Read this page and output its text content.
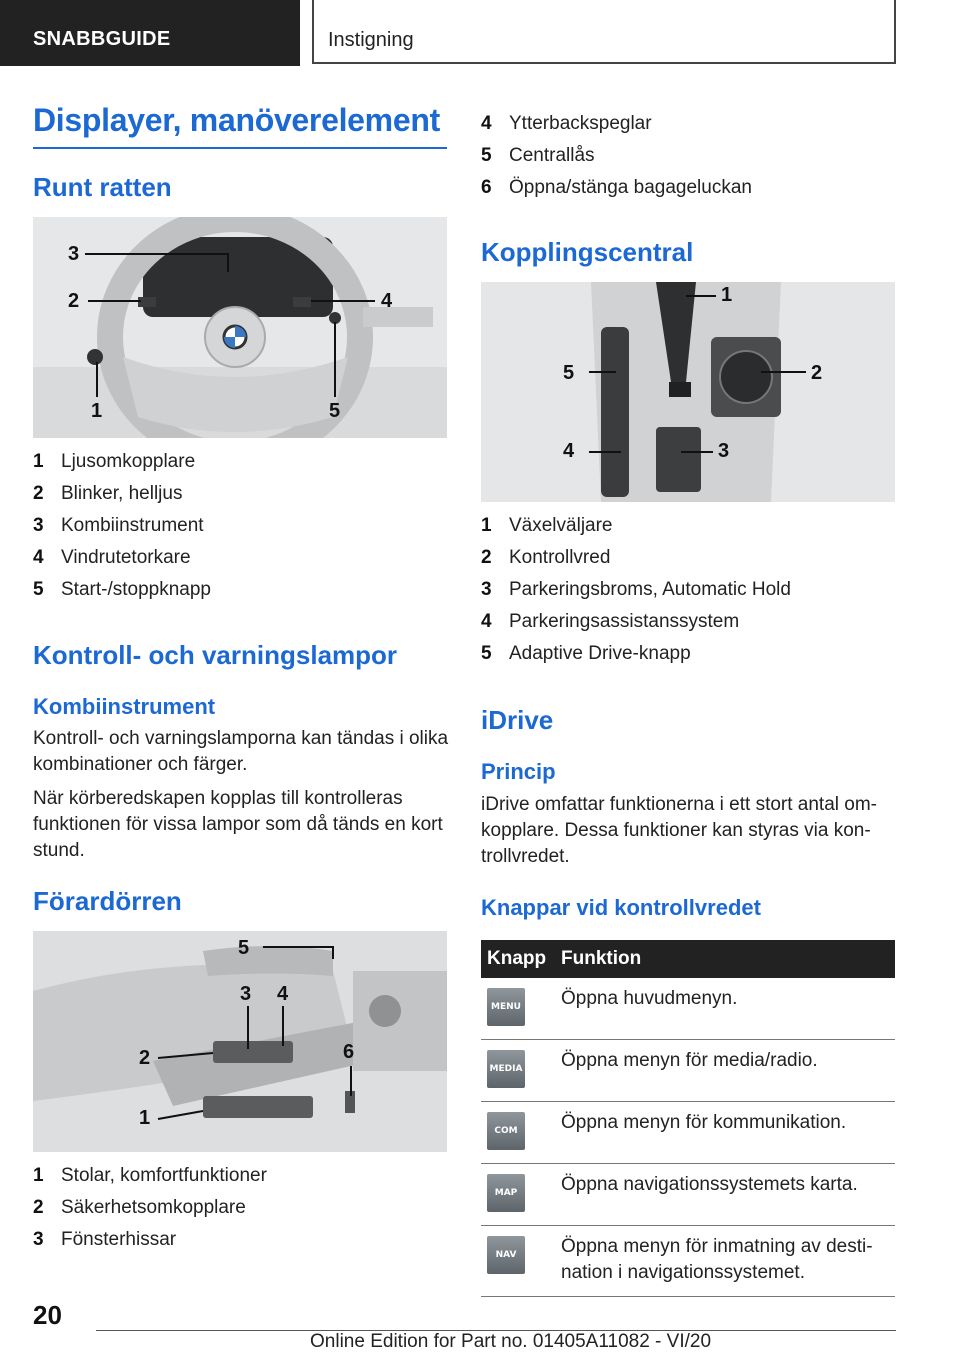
SNABBGUIDE	Instigning
Displayer, manöverelement
Runt ratten
3
2	4
1	5
1 Ljusomkopplare
2 Blinker, helljus
3 Kombiinstrument
4 Vindrutetorkare
5 Start-/stoppknapp
Kontroll- och varningslampor
Kombiinstrument

Kontroll- och varningslamporna kan tändas i olika kombinationer och färger.

När körberedskapen kopplas till kontrolleras funktionen för vissa lampor som då tänds en kort stund.

Förardörren
5
3 4
2	6
1
1 Stolar, komfortfunktioner
2 Säkerhetsomkopplare
3 Fönsterhissar
4 Ytterbackspeglar
5 Centrallås
6 Öppna/stänga bagageluckan
Kopplingscentral
1
5	2
4	3
1 Växelväljare
2 Kontrollvred
3 Parkeringsbroms, Automatic Hold
4 Parkeringsassistanssystem
5 Adaptive Drive-knapp
iDrive
Princip

iDrive omfattar funktionerna i ett stort antal omkopplare. Dessa funktioner kan styras via kontrollvredet.

Knappar vid kontrollvredet
Knapp	Funktion

MENU	Öppna huvudmenyn.

MEDIA	Öppna menyn för media/radio.

COM	Öppna menyn för kommunikation.

MAP	Öppna navigationssystemets karta.

NAV	Öppna menyn för inmatning av destination i navigationssystemet.
20
Online Edition for Part no. 01405A11082 - VI/20
